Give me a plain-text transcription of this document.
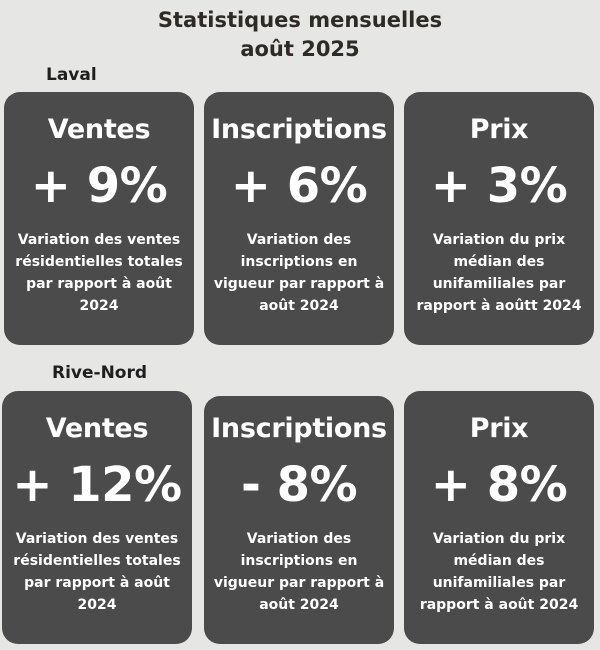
Statistiques mensuelles
août 2025
Laval
Ventes
+ 9%
Variation des ventes résidentielles totales par rapport à août 2024
Inscriptions
+ 6%
Variation des inscriptions en vigueur par rapport à août 2024
Prix
+ 3%
Variation du prix médian des unifamiliales par rapport à aoûtt 2024
Rive-Nord
Ventes
+ 12%
Variation des ventes résidentielles totales par rapport à août 2024
Inscriptions
- 8%
Variation des inscriptions en vigueur par rapport à août 2024
Prix
+ 8%
Variation du prix médian des unifamiliales par rapport à août 2024
